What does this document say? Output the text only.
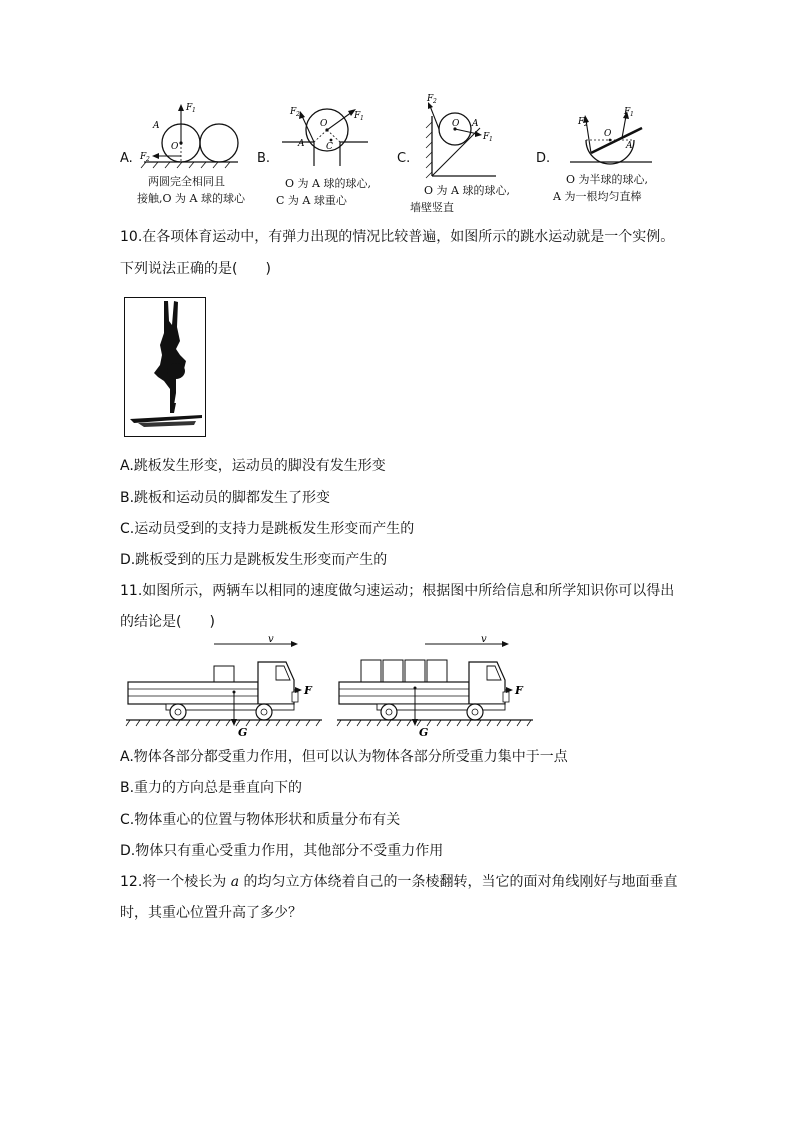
A.
F 1
F 2
A
O
两圆完全相同且
接触,O 为 A 球的球心
B.
F 1
F 2
O
A C
O 为 A 球的球心,
C 为 A 球重心
C.
F 2
F 1
O A
O 为 A 球的球心,
墙壁竖直
D.
F 2
F 1
O
A
O 为半球的球心,
A 为一根均匀直棒
10.在各项体育运动中，有弹力出现的情况比较普遍，如图所示的跳水运动就是一个实例。
下列说法正确的是(　　)
A.跳板发生形变，运动员的脚没有发生形变
B.跳板和运动员的脚都发生了形变
C.运动员受到的支持力是跳板发生形变而产生的
D.跳板受到的压力是跳板发生形变而产生的
11.如图所示，两辆车以相同的速度做匀速运动；根据图中所给信息和所学知识你可以得出
的结论是(　　)
v
F
G
v
F
G
A.物体各部分都受重力作用，但可以认为物体各部分所受重力集中于一点
B.重力的方向总是垂直向下的
C.物体重心的位置与物体形状和质量分布有关
D.物体只有重心受重力作用，其他部分不受重力作用
12.将一个棱长为 a 的均匀立方体绕着自己的一条棱翻转，当它的面对角线刚好与地面垂直
时，其重心位置升高了多少？
